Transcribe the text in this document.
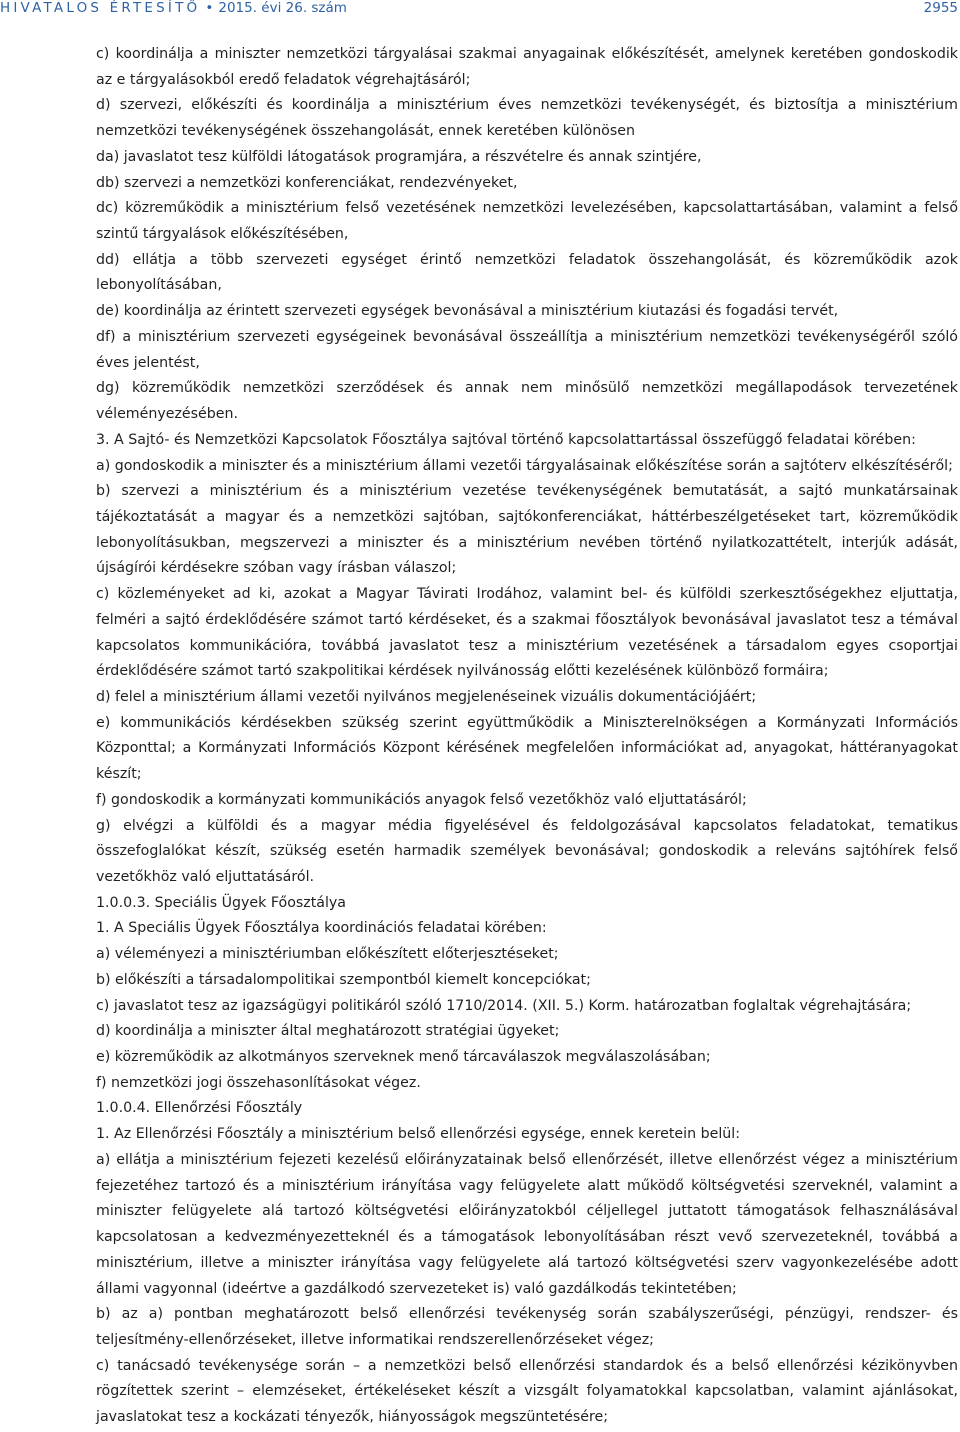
HIVATALOS ÉRTESÍTŐ • 2015. évi 26. szám	2955

c) koordinálja a miniszter nemzetközi tárgyalásai szakmai anyagainak előkészítését, amelynek keretében gondoskodik az e tárgyalásokból eredő feladatok végrehajtásáról;

d) szervezi, előkészíti és koordinálja a minisztérium éves nemzetközi tevékenységét, és biztosítja a minisztérium nemzetközi tevékenységének összehangolását, ennek keretében különösen

da) javaslatot tesz külföldi látogatások programjára, a részvételre és annak szintjére,

db) szervezi a nemzetközi konferenciákat, rendezvényeket,

dc) közreműködik a minisztérium felső vezetésének nemzetközi levelezésében, kapcsolattartásában, valamint a felső szintű tárgyalások előkészítésében,

dd) ellátja a több szervezeti egységet érintő nemzetközi feladatok összehangolását, és közreműködik azok lebonyolításában,

de) koordinálja az érintett szervezeti egységek bevonásával a minisztérium kiutazási és fogadási tervét,

df) a minisztérium szervezeti egységeinek bevonásával összeállítja a minisztérium nemzetközi tevékenységéről szóló éves jelentést,

dg) közreműködik nemzetközi szerződések és annak nem minősülő nemzetközi megállapodások tervezetének véleményezésében.

3. A Sajtó- és Nemzetközi Kapcsolatok Főosztálya sajtóval történő kapcsolattartással összefüggő feladatai körében:

a) gondoskodik a miniszter és a minisztérium állami vezetői tárgyalásainak előkészítése során a sajtóterv elkészítéséről;

b) szervezi a minisztérium és a minisztérium vezetése tevékenységének bemutatását, a sajtó munkatársainak tájékoztatását a magyar és a nemzetközi sajtóban, sajtókonferenciákat, háttérbeszélgetéseket tart, közreműködik lebonyolításukban, megszervezi a miniszter és a minisztérium nevében történő nyilatkozattételt, interjúk adását, újságírói kérdésekre szóban vagy írásban válaszol;

c) közleményeket ad ki, azokat a Magyar Távirati Irodához, valamint bel- és külföldi szerkesztőségekhez eljuttatja, felméri a sajtó érdeklődésére számot tartó kérdéseket, és a szakmai főosztályok bevonásával javaslatot tesz a témával kapcsolatos kommunikációra, továbbá javaslatot tesz a minisztérium vezetésének a társadalom egyes csoportjai érdeklődésére számot tartó szakpolitikai kérdések nyilvánosság előtti kezelésének különböző formáira;

d) felel a minisztérium állami vezetői nyilvános megjelenéseinek vizuális dokumentációjáért;

e) kommunikációs kérdésekben szükség szerint együttműködik a Miniszterelnökségen a Kormányzati Információs Központtal; a Kormányzati Információs Központ kérésének megfelelően információkat ad, anyagokat, háttéranyagokat készít;

f) gondoskodik a kormányzati kommunikációs anyagok felső vezetőkhöz való eljuttatásáról;

g) elvégzi a külföldi és a magyar média figyelésével és feldolgozásával kapcsolatos feladatokat, tematikus összefoglalókat készít, szükség esetén harmadik személyek bevonásával; gondoskodik a releváns sajtóhírek felső vezetőkhöz való eljuttatásáról.

1.0.0.3. Speciális Ügyek Főosztálya

1. A Speciális Ügyek Főosztálya koordinációs feladatai körében:

a) véleményezi a minisztériumban előkészített előterjesztéseket;

b) előkészíti a társadalompolitikai szempontból kiemelt koncepciókat;

c) javaslatot tesz az igazságügyi politikáról szóló 1710/2014. (XII. 5.) Korm. határozatban foglaltak végrehajtására;

d) koordinálja a miniszter által meghatározott stratégiai ügyeket;

e) közreműködik az alkotmányos szerveknek menő tárcaválaszok megválaszolásában;

f) nemzetközi jogi összehasonlításokat végez.

1.0.0.4. Ellenőrzési Főosztály

1. Az Ellenőrzési Főosztály a minisztérium belső ellenőrzési egysége, ennek keretein belül:

a) ellátja a minisztérium fejezeti kezelésű előirányzatainak belső ellenőrzését, illetve ellenőrzést végez a minisztérium fejezetéhez tartozó és a minisztérium irányítása vagy felügyelete alatt működő költségvetési szerveknél, valamint a miniszter felügyelete alá tartozó költségvetési előirányzatokból céljellegel juttatott támogatások felhasználásával kapcsolatosan a kedvezményezetteknél és a támogatások lebonyolításában részt vevő szervezeteknél, továbbá a minisztérium, illetve a miniszter irányítása vagy felügyelete alá tartozó költségvetési szerv vagyonkezelésébe adott állami vagyonnal (ideértve a gazdálkodó szervezeteket is) való gazdálkodás tekintetében;

b) az a) pontban meghatározott belső ellenőrzési tevékenység során szabályszerűségi, pénzügyi, rendszer- és teljesítmény-ellenőrzéseket, illetve informatikai rendszerellenőrzéseket végez;

c) tanácsadó tevékenysége során – a nemzetközi belső ellenőrzési standardok és a belső ellenőrzési kézikönyvben rögzítettek szerint – elemzéseket, értékeléseket készít a vizsgált folyamatokkal kapcsolatban, valamint ajánlásokat, javaslatokat tesz a kockázati tényezők, hiányosságok megszüntetésére;
